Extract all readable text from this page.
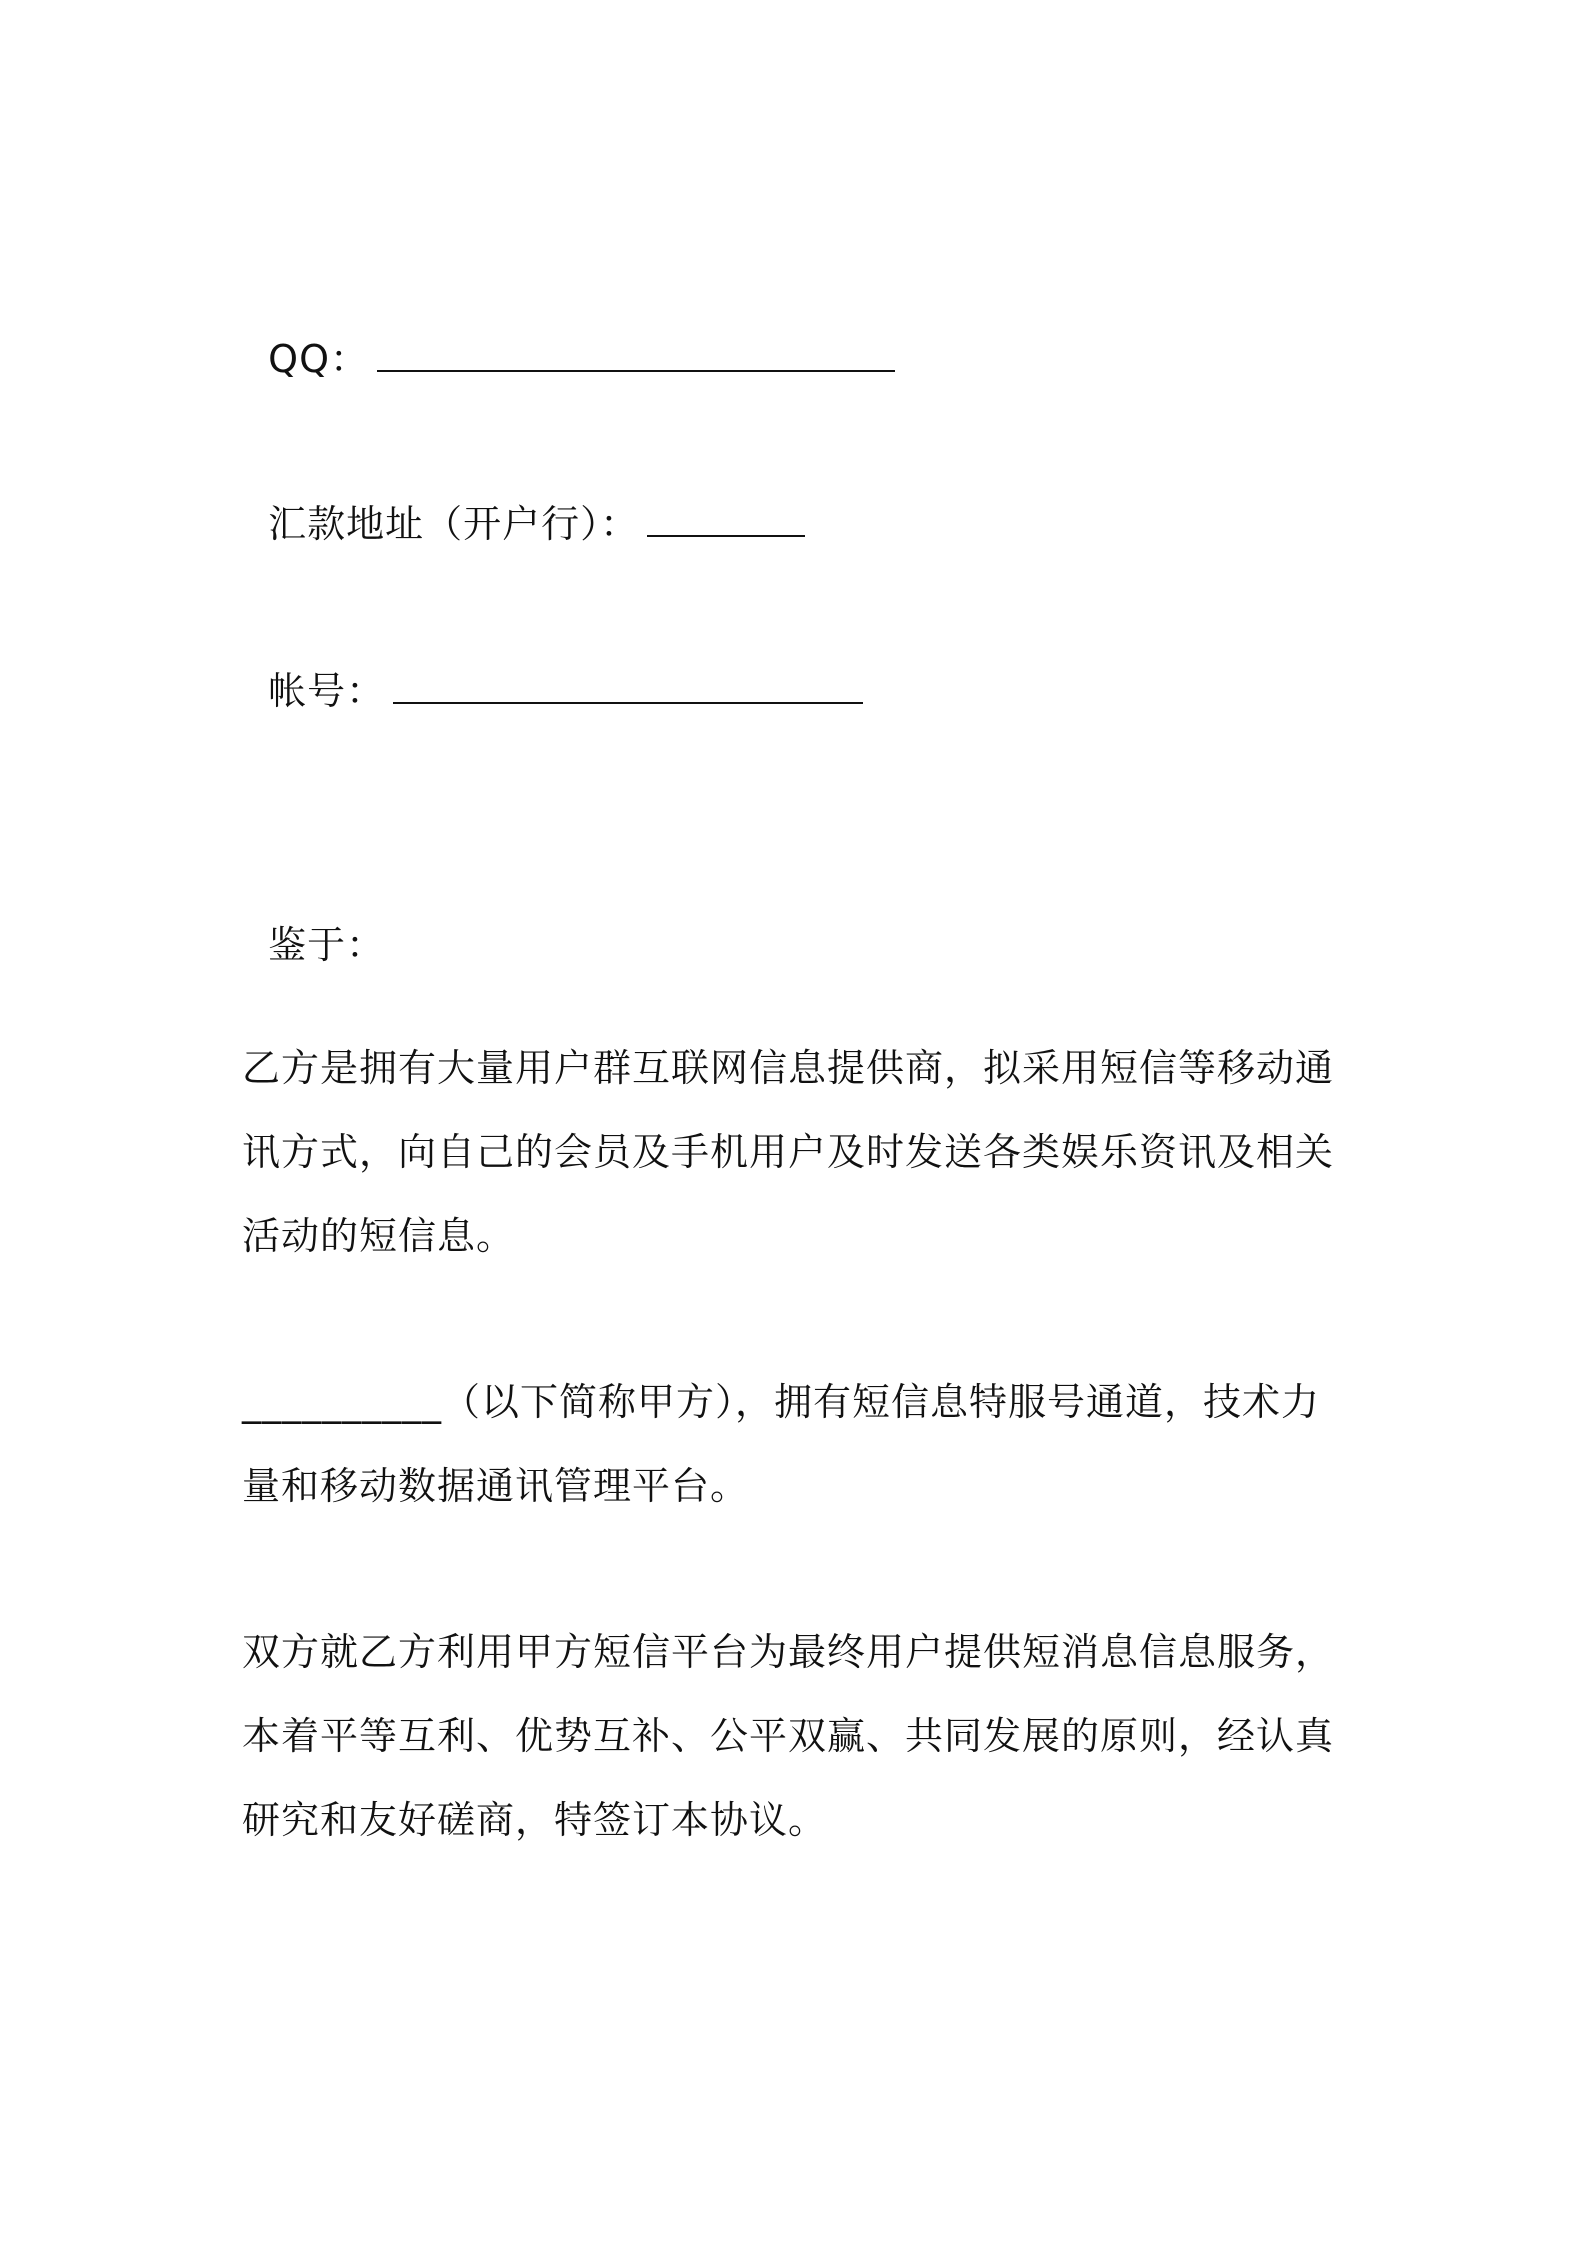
QQ：

汇款地址（开户行）：

帐号：

鉴于：

乙方是拥有大量用户群互联网信息提供商，拟采用短信等移动通
讯方式，向自己的会员及手机用户及时发送各类娱乐资讯及相关
活动的短信息。
__________（以下简称甲方），拥有短信息特服号通道，技术力
量和移动数据通讯管理平台。
双方就乙方利用甲方短信平台为最终用户提供短消息信息服务，
本着平等互利、优势互补、公平双赢、共同发展的原则，经认真
研究和友好磋商，特签订本协议。
